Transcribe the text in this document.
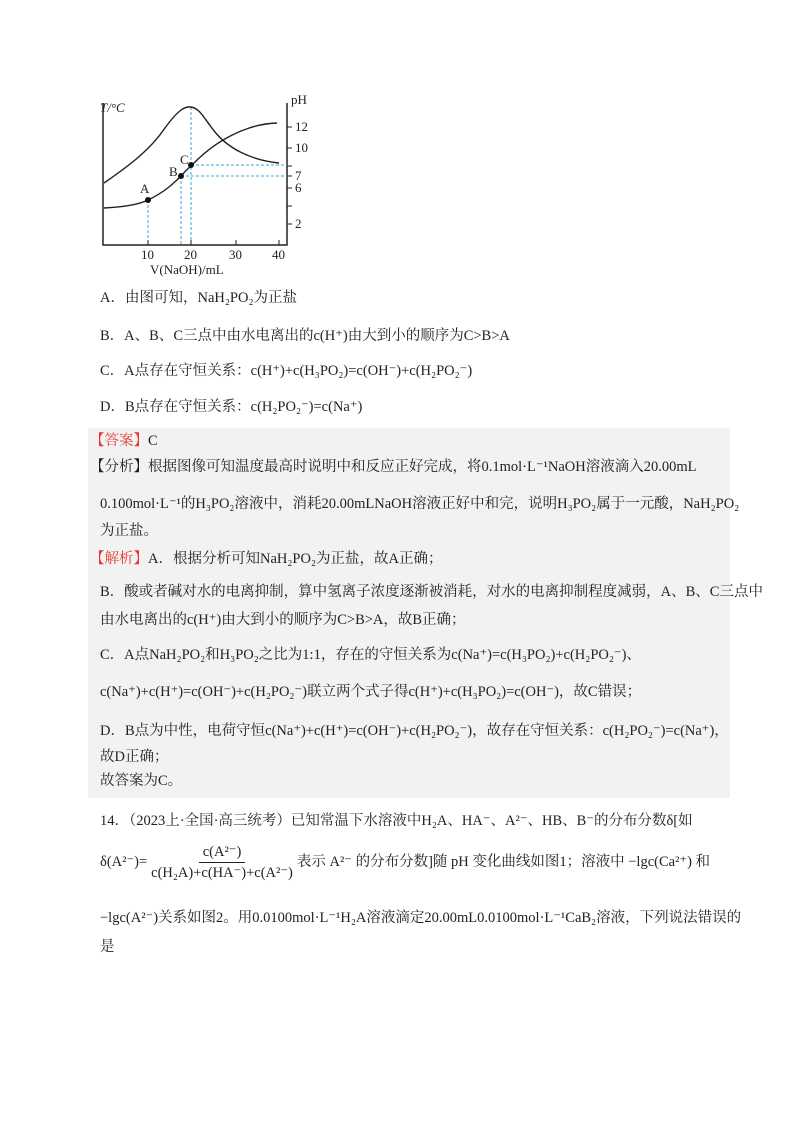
T/°C
pH
A
B
C
12
10
7
6
2
10 20 30 40
V(NaOH)/mL
A．由图可知，NaH₂PO₂为正盐
B．A、B、C三点中由水电离出的c(H⁺)由大到小的顺序为C>B>A
C．A点存在守恒关系：c(H⁺)+c(H₃PO₂)=c(OH⁻)+c(H₂PO₂⁻)
D．B点存在守恒关系：c(H₂PO₂⁻)=c(Na⁺)
【答案】C
【分析】根据图像可知温度最高时说明中和反应正好完成，将0.1mol·L⁻¹NaOH溶液滴入20.00mL
0.100mol·L⁻¹的H₃PO₂溶液中，消耗20.00mLNaOH溶液正好中和完，说明H₃PO₂属于一元酸，NaH₂PO₂
为正盐。
【解析】A．根据分析可知NaH₂PO₂为正盐，故A正确；
B．酸或者碱对水的电离抑制，算中氢离子浓度逐渐被消耗，对水的电离抑制程度减弱，A、B、C三点中
由水电离出的c(H⁺)由大到小的顺序为C>B>A，故B正确；
C．A点NaH₂PO₂和H₃PO₂之比为1:1，存在的守恒关系为c(Na⁺)=c(H₃PO₂)+c(H₂PO₂⁻)、
c(Na⁺)+c(H⁺)=c(OH⁻)+c(H₂PO₂⁻)联立两个式子得c(H⁺)+c(H₃PO₂)=c(OH⁻)，故C错误；
D．B点为中性，电荷守恒c(Na⁺)+c(H⁺)=c(OH⁻)+c(H₂PO₂⁻)，故存在守恒关系：c(H₂PO₂⁻)=c(Na⁺)，
故D正确；
故答案为C。
14．（2023上·全国·高三统考）已知常温下水溶液中H₂A、HA⁻、A²⁻、HB、B⁻的分布分数δ[如
$\delta(A^{2-})= \frac{\text{c(A²⁻)}}{\text{c(H₂A)+c(HA⁻)+c(A²⁻)}}$ 表示 A²⁻ 的分布分数]随 pH 变化曲线如图1；溶液中 −lgc(Ca²⁺) 和
−lgc(A²⁻)关系如图2。用0.0100mol·L⁻¹H₂A溶液滴定20.00mL0.0100mol·L⁻¹CaB₂溶液，下列说法错误的
是
